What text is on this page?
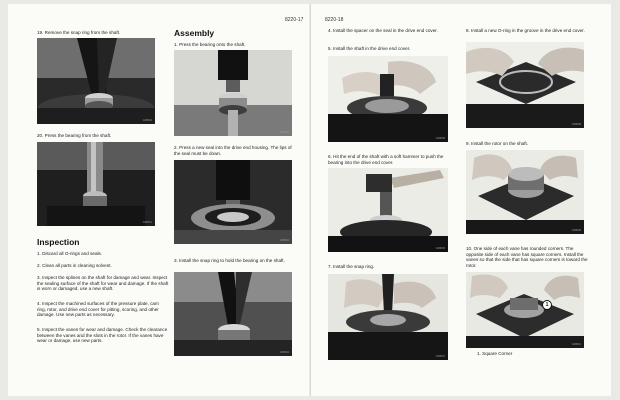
8220-17
19. Remove the snap ring from the shaft.
G08000
20. Press the bearing from the shaft.
G08001
Inspection
1. Discard all O-rings and seals.
2. Clean all parts in cleaning solvent.
3. Inspect the splines on the shaft for damage and wear. Inspect the sealing surface of the shaft for wear and damage. If the shaft is worn or damaged, use a new shaft.
4. Inspect the machined surfaces of the pressure plate, cam ring, rotor, and drive end cover for pitting, scoring, and other damage. Use new parts as necessary.
5. Inspect the vanes for wear and damage. Check the clearance between the vanes and the slots in the rotor. If the vanes have wear or damage, use new parts.
Assembly
1. Press the bearing onto the shaft.
G08002
2. Press a new seal into the drive end housing. The lips of the seal must be down.
G08003
3. Install the snap ring to hold the bearing on the shaft.
G08004
8220-18
4. Install the spacer on the seal in the drive end cover.
5. Install the shaft in the drive end cover.
G08005
6. Hit the end of the shaft with a soft hammer to push the bearing into the drive end cover.
G08006
7. Install the snap ring.
G08007
8. Install a new O-ring in the groove in the drive end cover.
G08008
9. Install the rotor on the shaft.
G08009
10. One side of each vane has rounded corners. The opposite side of each vane has square corners. Install the vanes so that the side that has square corners is toward the rotor.
1
G08010
1. Square Corner
